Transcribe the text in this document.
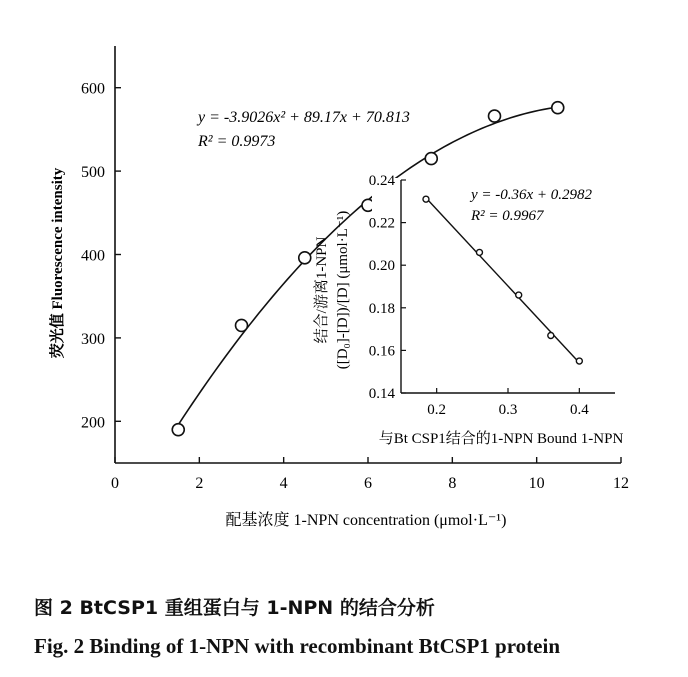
200
300
400
500
600
0	2	4	6	8	10	12
荧光值 Fluorescence intensity
配基浓度 1-NPN concentration (μmol·L⁻¹)
y = -3.9026x² + 89.17x + 70.813
R² = 0.9973
0.14
0.16
0.18
0.20
0.22
0.24
0.2	0.3	0.4
结合/游离1-NPN ([D₀]-[D])/[D] (μmol·L⁻¹)
与Bt CSP1结合的1-NPN Bound 1-NPN
y = -0.36x + 0.2982
R² = 0.9967
图 2 BtCSP1 重组蛋白与 1-NPN 的结合分析
Fig. 2 Binding of 1-NPN with recombinant BtCSP1 protein
